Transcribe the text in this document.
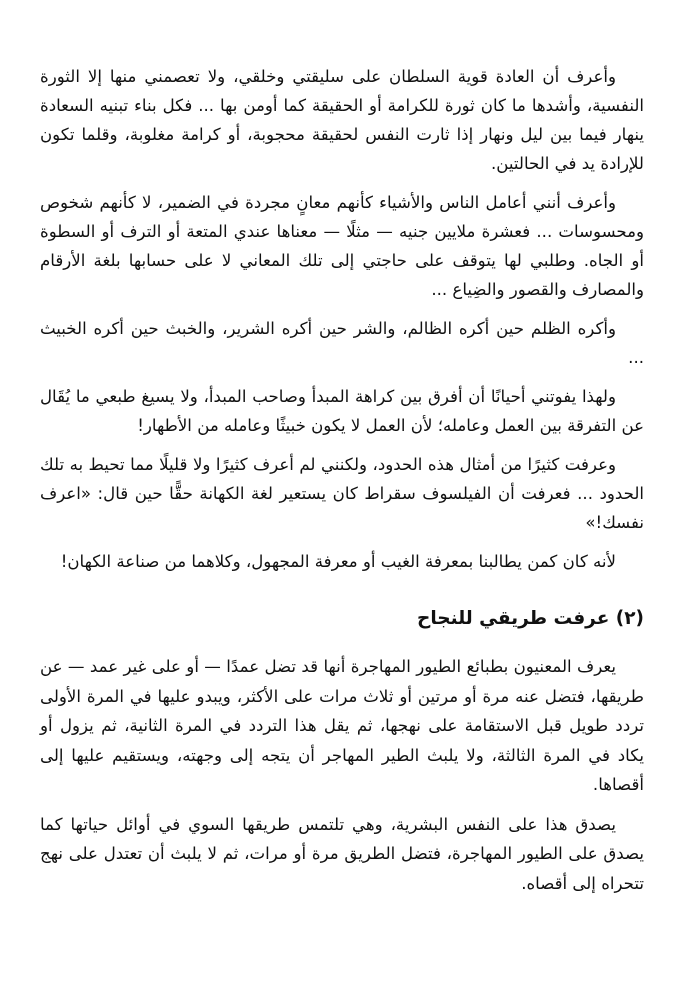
وأعرف أن العادة قوية السلطان على سليقتي وخلقي، ولا تعصمني منها إلا الثورة النفسية، وأشدها ما كان ثورة للكرامة أو الحقيقة كما أومن بها ... فكل بناء تبنيه السعادة ينهار فيما بين ليل ونهار إذا ثارت النفس لحقيقة محجوبة، أو كرامة مغلوبة، وقلما تكون للإرادة يد في الحالتين.

وأعرف أنني أعامل الناس والأشياء كأنهم معانٍ مجردة في الضمير، لا كأنهم شخوص ومحسوسات ... فعشرة ملايين جنيه — مثلًا — معناها عندي المتعة أو الترف أو السطوة أو الجاه. وطلبي لها يتوقف على حاجتي إلى تلك المعاني لا على حسابها بلغة الأرقام والمصارف والقصور والضِياع ...

وأكره الظلم حين أكره الظالم، والشر حين أكره الشرير، والخبث حين أكره الخبيث ...

ولهذا يفوتني أحيانًا أن أفرق بين كراهة المبدأ وصاحب المبدأ، ولا يسيغ طبعي ما يُقَال عن التفرقة بين العمل وعامله؛ لأن العمل لا يكون خبيثًا وعامله من الأطهار!

وعرفت كثيرًا من أمثال هذه الحدود، ولكنني لم أعرف كثيرًا ولا قليلًا مما تحيط به تلك الحدود ... فعرفت أن الفيلسوف سقراط كان يستعير لغة الكهانة حقًّا حين قال: «اعرف نفسك!»

لأنه كان كمن يطالبنا بمعرفة الغيب أو معرفة المجهول، وكلاهما من صناعة الكهان!

(٢) عرفت طريقي للنجاح

يعرف المعنيون بطبائع الطيور المهاجرة أنها قد تضل عمدًا — أو على غير عمد — عن طريقها، فتضل عنه مرة أو مرتين أو ثلاث مرات على الأكثر، ويبدو عليها في المرة الأولى تردد طويل قبل الاستقامة على نهجها، ثم يقل هذا التردد في المرة الثانية، ثم يزول أو يكاد في المرة الثالثة، ولا يلبث الطير المهاجر أن يتجه إلى وجهته، ويستقيم عليها إلى أقصاها.

يصدق هذا على النفس البشرية، وهي تلتمس طريقها السوي في أوائل حياتها كما يصدق على الطيور المهاجرة، فتضل الطريق مرة أو مرات، ثم لا يلبث أن تعتدل على نهج تتحراه إلى أقصاه.
